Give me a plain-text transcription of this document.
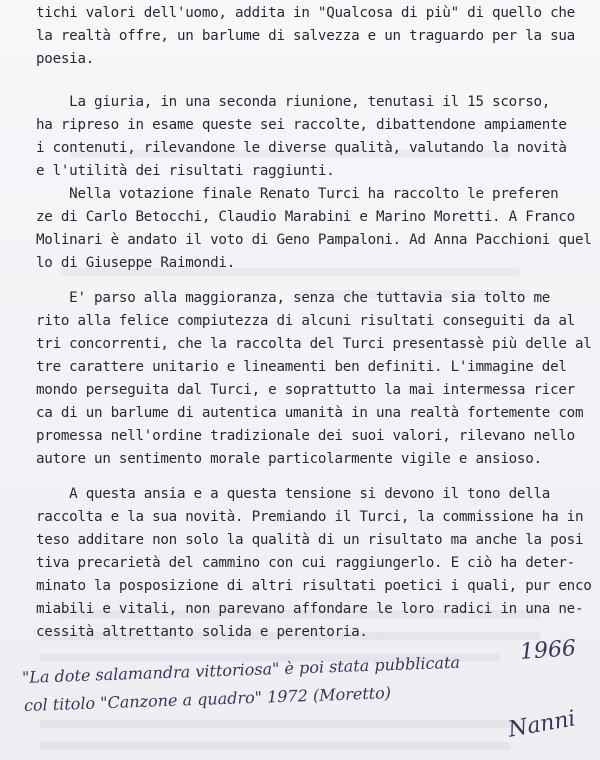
tichi valori dell'uomo, addita in "Qualcosa di più" di quello che
la realtà offre, un barlume di salvezza e un traguardo per la sua
poesia.
La giuria, in una seconda riunione, tenutasi il 15 scorso,
ha ripreso in esame queste sei raccolte, dibattendone ampiamente
i contenuti, rilevandone le diverse qualità, valutando la novità
e l'utilità dei risultati raggiunti.
Nella votazione finale Renato Turci ha raccolto le preferen
ze di Carlo Betocchi, Claudio Marabini e Marino Moretti. A Franco
Molinari è andato il voto di Geno Pampaloni. Ad Anna Pacchioni quel
lo di Giuseppe Raimondi.
E' parso alla maggioranza, senza che tuttavia sia tolto me
rito alla felice compiutezza di alcuni risultati conseguiti da al
tri concorrenti, che la raccolta del Turci presentassè più delle al
tre carattere unitario e lineamenti ben definiti. L'immagine del
mondo perseguita dal Turci, e soprattutto la mai intermessa ricer
ca di un barlume di autentica umanità in una realtà fortemente com
promessa nell'ordine tradizionale dei suoi valori, rilevano nello
autore un sentimento morale particolarmente vigile e ansioso.
A questa ansia e a questa tensione si devono il tono della
raccolta e la sua novità. Premiando il Turci, la commissione ha in
teso additare non solo la qualità di un risultato ma anche la posi
tiva precarietà del cammino con cui raggiungerlo. E ciò ha deter-
minato la posposizione di altri risultati poetici i quali, pur enco
miabili e vitali, non parevano affondare le loro radici in una ne-
cessità altrettanto solida e perentoria.
1966
"La dote salamandra vittoriosa" è poi stata pubblicata
col titolo "Canzone a quadro" 1972 (Moretto)
Nanni
